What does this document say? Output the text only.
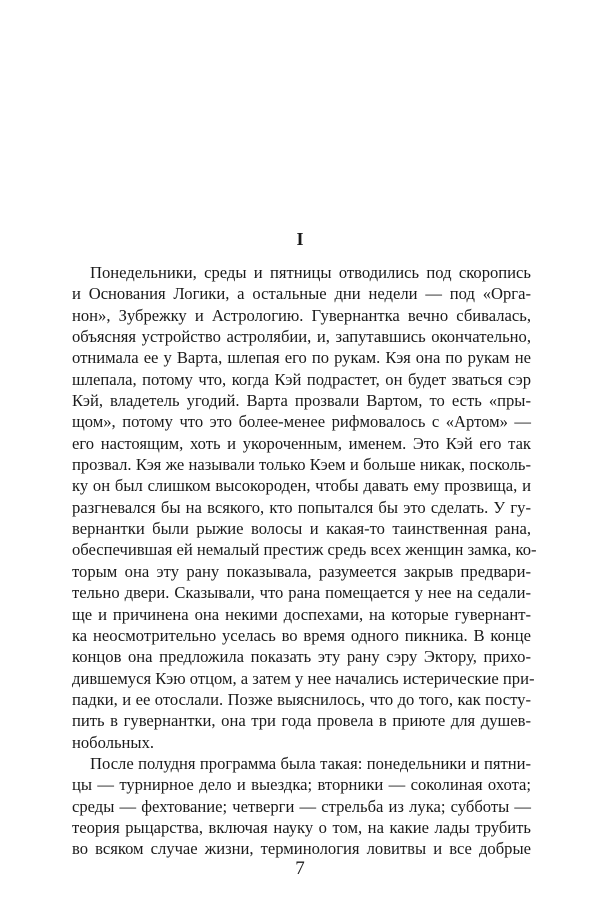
I
Понедельники, среды и пятницы отводились под скоропись
и Основания Логики, а остальные дни недели — под «Орга-
нон», Зубрежку и Астрологию. Гувернантка вечно сбивалась,
объясняя устройство астролябии, и, запутавшись окончательно,
отнимала ее у Варта, шлепая его по рукам. Кэя она по рукам не
шлепала, потому что, когда Кэй подрастет, он будет зваться сэр
Кэй, владетель угодий. Варта прозвали Вартом, то есть «пры-
щом», потому что это более-менее рифмовалось с «Артом» —
его настоящим, хоть и укороченным, именем. Это Кэй его так
прозвал. Кэя же называли только Кэем и больше никак, посколь-
ку он был слишком высокороден, чтобы давать ему прозвища, и
разгневался бы на всякого, кто попытался бы это сделать. У гу-
вернантки были рыжие волосы и какая-то таинственная рана,
обеспечившая ей немалый престиж средь всех женщин замка, ко-
торым она эту рану показывала, разумеется закрыв предвари-
тельно двери. Сказывали, что рана помещается у нее на седали-
ще и причинена она некими доспехами, на которые гувернант-
ка неосмотрительно уселась во время одного пикника. В конце
концов она предложила показать эту рану сэру Эктору, прихо-
дившемуся Кэю отцом, а затем у нее начались истерические при-
падки, и ее отослали. Позже выяснилось, что до того, как посту-
пить в гувернантки, она три года провела в приюте для душев-
нобольных.
После полудня программа была такая: понедельники и пятни-
цы — турнирное дело и выездка; вторники — соколиная охота;
среды — фехтование; четверги — стрельба из лука; субботы —
теория рыцарства, включая науку о том, на какие лады трубить
во всяком случае жизни, терминология ловитвы и все добрые
7
